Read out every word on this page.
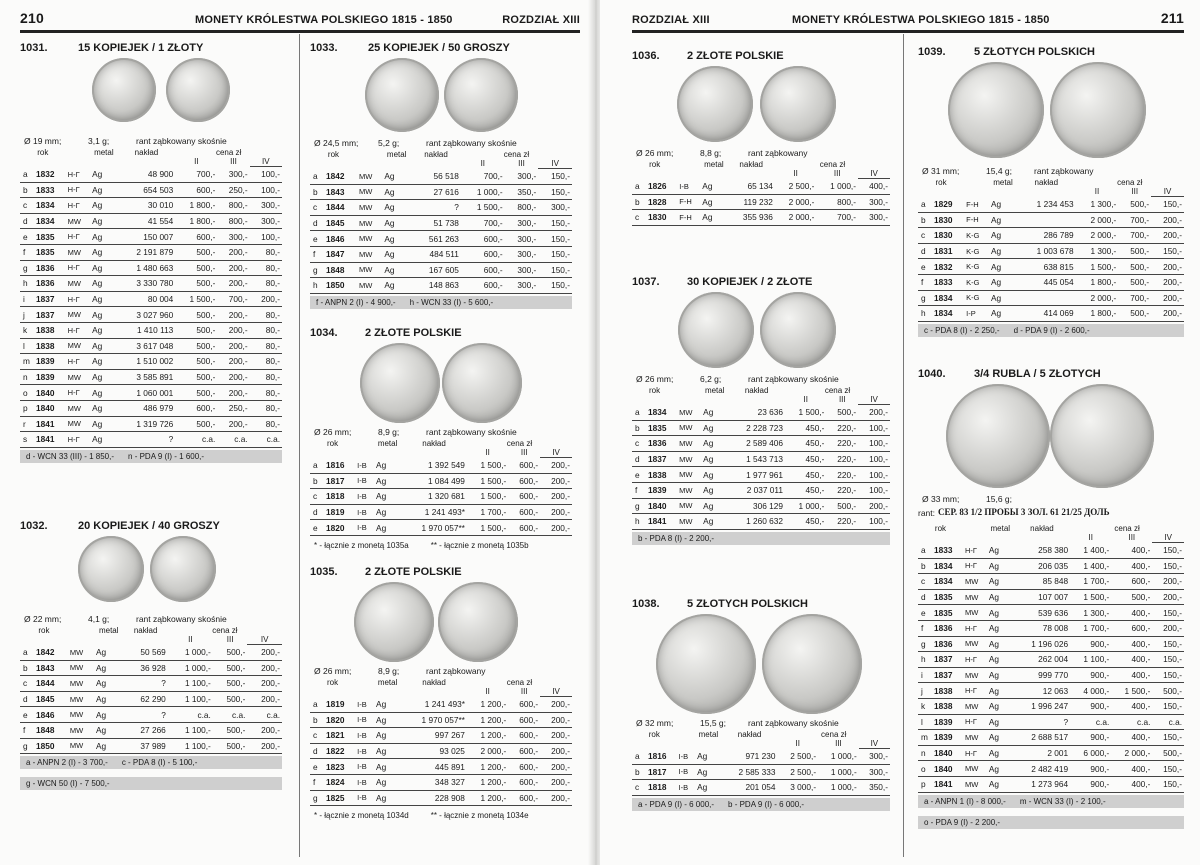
210	MONETY KRÓLESTWA POLSKIEGO 1815 - 1850	ROZDZIAŁ XIII
1031.	15 KOPIEJEK / 1 ZŁOTY
Ø 19 mm;	3,1 g;	rant ząbkowany skośnie
rok			metal	nakład	cena zł		
					II	III	IV
a	1832	Н-Г	Ag	48 900	700,-	300,-	100,-
b	1833	Н-Г	Ag	654 503	600,-	250,-	100,-
c	1834	Н-Г	Ag	30 010	1 800,-	800,-	300,-
d	1834	MW	Ag	41 554	1 800,-	800,-	300,-
e	1835	Н-Г	Ag	150 007	600,-	300,-	100,-
f	1835	MW	Ag	2 191 879	500,-	200,-	80,-
g	1836	Н-Г	Ag	1 480 663	500,-	200,-	80,-
h	1836	MW	Ag	3 330 780	500,-	200,-	80,-
i	1837	Н-Г	Ag	80 004	1 500,-	700,-	200,-
j	1837	MW	Ag	3 027 960	500,-	200,-	80,-
k	1838	Н-Г	Ag	1 410 113	500,-	200,-	80,-
l	1838	MW	Ag	3 617 048	500,-	200,-	80,-
m	1839	Н-Г	Ag	1 510 002	500,-	200,-	80,-
n	1839	MW	Ag	3 585 891	500,-	200,-	80,-
o	1840	Н-Г	Ag	1 060 001	500,-	200,-	80,-
p	1840	MW	Ag	486 979	600,-	250,-	80,-
r	1841	MW	Ag	1 319 726	500,-	200,-	80,-
s	1841	Н-Г	Ag	?	c.a.	c.a.	c.a.
d - WCN 33 (III) - 1 850,- n - PDA 9 (I) - 1 600,-
1032.	20 KOPIEJEK / 40 GROSZY
Ø 22 mm;	4,1 g;	rant ząbkowany skośnie
rok			metal	nakład	cena zł		
					II	III	IV
a	1842	MW	Ag	50 569	1 000,-	500,-	200,-
b	1843	MW	Ag	36 928	1 000,-	500,-	200,-
c	1844	MW	Ag	?	1 100,-	500,-	200,-
d	1845	MW	Ag	62 290	1 100,-	500,-	200,-
e	1846	MW	Ag	?	c.a.	c.a.	c.a.
f	1848	MW	Ag	27 266	1 100,-	500,-	200,-
g	1850	MW	Ag	37 989	1 100,-	500,-	200,-
a - ANPN 2 (I) - 3 700,- c - PDA 8 (I) - 5 100,-
g - WCN 50 (I) - 7 500,-
1033.	25 KOPIEJEK / 50 GROSZY
Ø 24,5 mm; 5,2 g;	rant ząbkowany skośnie
rok			metal	nakład	cena zł		
					II	III	IV
a	1842	MW	Ag	56 518	700,-	300,-	150,-
b	1843	MW	Ag	27 616	1 000,-	350,-	150,-
c	1844	MW	Ag	?	1 500,-	800,-	300,-
d	1845	MW	Ag	51 738	700,-	300,-	150,-
e	1846	MW	Ag	561 263	600,-	300,-	150,-
f	1847	MW	Ag	484 511	600,-	300,-	150,-
g	1848	MW	Ag	167 605	600,-	300,-	150,-
h	1850	MW	Ag	148 863	600,-	300,-	150,-
f - ANPN 2 (I) - 4 900,- h - WCN 33 (I) - 5 600,-
1034. 2 ZŁOTE POLSKIE
Ø 26 mm;	8,9 g;	rant ząbkowany skośnie
rok			metal	nakład	cena zł		
					II	III	IV
a	1816	I-B	Ag	1 392 549	1 500,-	600,-	200,-
b	1817	I-B	Ag	1 084 499	1 500,-	600,-	200,-
c	1818	I-B	Ag	1 320 681	1 500,-	600,-	200,-
d	1819	I-B	Ag	1 241 493*	1 700,-	600,-	200,-
e	1820	I-B	Ag	1 970 057**	1 500,-	600,-	200,-
* - łącznie z monetą 1035a	** - łącznie z monetą 1035b
1035. 2 ZŁOTE POLSKIE
Ø 26 mm;	8,9 g;	rant ząbkowany
rok			metal	nakład	cena zł		
					II	III	IV
a	1819	I-B	Ag	1 241 493*	1 200,-	600,-	200,-
b	1820	I-B	Ag	1 970 057**	1 200,-	600,-	200,-
c	1821	I-B	Ag	997 267	1 200,-	600,-	200,-
d	1822	I-B	Ag	93 025	2 000,-	600,-	200,-
e	1823	I-B	Ag	445 891	1 200,-	600,-	200,-
f	1824	I-B	Ag	348 327	1 200,-	600,-	200,-
g	1825	I-B	Ag	228 908	1 200,-	600,-	200,-
* - łącznie z monetą 1034d	** - łącznie z monetą 1034e
ROZDZIAŁ XIII	MONETY KRÓLESTWA POLSKIEGO 1815 - 1850	211
1036. 2 ZŁOTE POLSKIE
Ø 26 mm;	8,8 g;	rant ząbkowany
rok			metal	nakład	cena zł		
					II	III	IV
a	1826	I-B	Ag	65 134	2 500,-	1 000,-	400,-
b	1828	F-H	Ag	119 232	2 000,-	800,-	300,-
c	1830	F-H	Ag	355 936	2 000,-	700,-	300,-
1037. 30 KOPIEJEK / 2 ZŁOTE
Ø 26 mm;	6,2 g;	rant ząbkowany skośnie
rok			metal	nakład	cena zł		
					II	III	IV
a	1834	MW	Ag	23 636	1 500,-	500,-	200,-
b	1835	MW	Ag	2 228 723	450,-	220,-	100,-
c	1836	MW	Ag	2 589 406	450,-	220,-	100,-
d	1837	MW	Ag	1 543 713	450,-	220,-	100,-
e	1838	MW	Ag	1 977 961	450,-	220,-	100,-
f	1839	MW	Ag	2 037 011	450,-	220,-	100,-
g	1840	MW	Ag	306 129	1 000,-	500,-	200,-
h	1841	MW	Ag	1 260 632	450,-	220,-	100,-
b - PDA 8 (I) - 2 200,-
1038. 5 ZŁOTYCH POLSKICH
Ø 32 mm;	15,5 g;	rant ząbkowany skośnie
rok			metal	nakład	cena zł		
					II	III	IV
a	1816	I-B	Ag	971 230	2 500,-	1 000,-	300,-
b	1817	I-B	Ag	2 585 333	2 500,-	1 000,-	300,-
c	1818	I-B	Ag	201 054	3 000,-	1 000,-	350,-
a - PDA 9 (I) - 6 000,- b - PDA 9 (I) - 6 000,-
1039.	5 ZŁOTYCH POLSKICH
Ø 31 mm;	15,4 g;	rant ząbkowany
rok			metal	nakład	cena zł		
					II	III	IV
a	1829	F-H	Ag	1 234 453	1 300,-	500,-	150,-
b	1830	F-H	Ag		2 000,-	700,-	200,-
c	1830	K-G	Ag	286 789	2 000,-	700,-	200,-
d	1831	K-G	Ag	1 003 678	1 300,-	500,-	150,-
e	1832	K-G	Ag	638 815	1 500,-	500,-	200,-
f	1833	K-G	Ag	445 054	1 800,-	500,-	200,-
g	1834	K-G	Ag		2 000,-	700,-	200,-
h	1834	I-P	Ag	414 069	1 800,-	500,-	200,-
c - PDA 8 (I) - 2 250,- d - PDA 9 (I) - 2 600,-
1040.	3/4 RUBLA / 5 ZŁOTYCH
Ø 33 mm;	15,6 g;
rant: СЕР. 83 1/2 ПРОБЫ 3 ЗОЛ. 61 21/25 ДОЛЬ
rok			metal	nakład	cena zł		
					II	III	IV
a	1833	Н-Г	Ag	258 380	1 400,-	400,-	150,-
b	1834	Н-Г	Ag	206 035	1 400,-	400,-	150,-
c	1834	MW	Ag	85 848	1 700,-	600,-	200,-
d	1835	MW	Ag	107 007	1 500,-	500,-	200,-
e	1835	MW	Ag	539 636	1 300,-	400,-	150,-
f	1836	Н-Г	Ag	78 008	1 700,-	600,-	200,-
g	1836	MW	Ag	1 196 026	900,-	400,-	150,-
h	1837	Н-Г	Ag	262 004	1 100,-	400,-	150,-
i	1837	MW	Ag	999 770	900,-	400,-	150,-
j	1838	Н-Г	Ag	12 063	4 000,-	1 500,-	500,-
k	1838	MW	Ag	1 996 247	900,-	400,-	150,-
l	1839	Н-Г	Ag	?	c.a.	c.a.	c.a.
m	1839	MW	Ag	2 688 517	900,-	400,-	150,-
n	1840	Н-Г	Ag	2 001	6 000,-	2 000,-	500,-
o	1840	MW	Ag	2 482 419	900,-	400,-	150,-
p	1841	MW	Ag	1 273 964	900,-	400,-	150,-
a - ANPN 1 (I) - 8 000,- m - WCN 33 (I) - 2 100,-
o - PDA 9 (I) - 2 200,-
